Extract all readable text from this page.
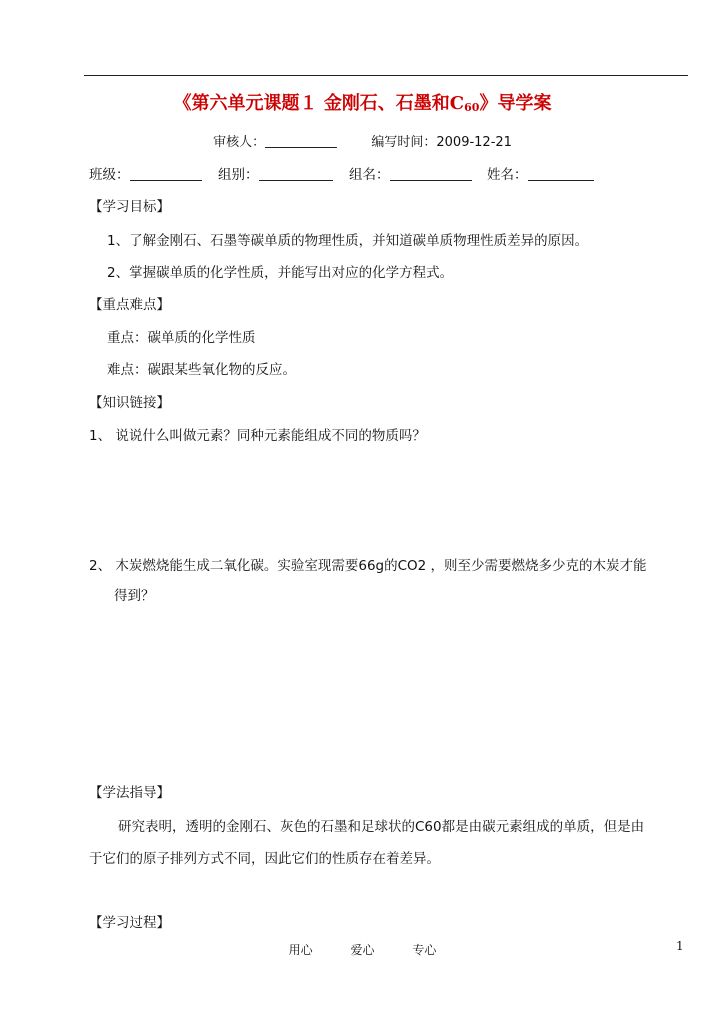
《第六单元课题１ 金刚石、石墨和$C_{60}$》导学案
审核人：	编写时间：2009-12-21
班级：	组别：	组名：	姓名：
【学习目标】
1、了解金刚石、石墨等碳单质的物理性质，并知道碳单质物理性质差异的原因。
2、掌握碳单质的化学性质，并能写出对应的化学方程式。
【重点难点】
重点：碳单质的化学性质
难点：碳跟某些氧化物的反应。
【知识链接】
1、 说说什么叫做元素？同种元素能组成不同的物质吗？
2、 木炭燃烧能生成二氧化碳。实验室现需要66g的CO2 ，则至少需要燃烧多少克的木炭才能
得到？
【学法指导】
研究表明，透明的金刚石、灰色的石墨和足球状的C60都是由碳元素组成的单质，但是由
于它们的原子排列方式不同，因此它们的性质存在着差异。
【学习过程】
用心	爱心	专心	1
